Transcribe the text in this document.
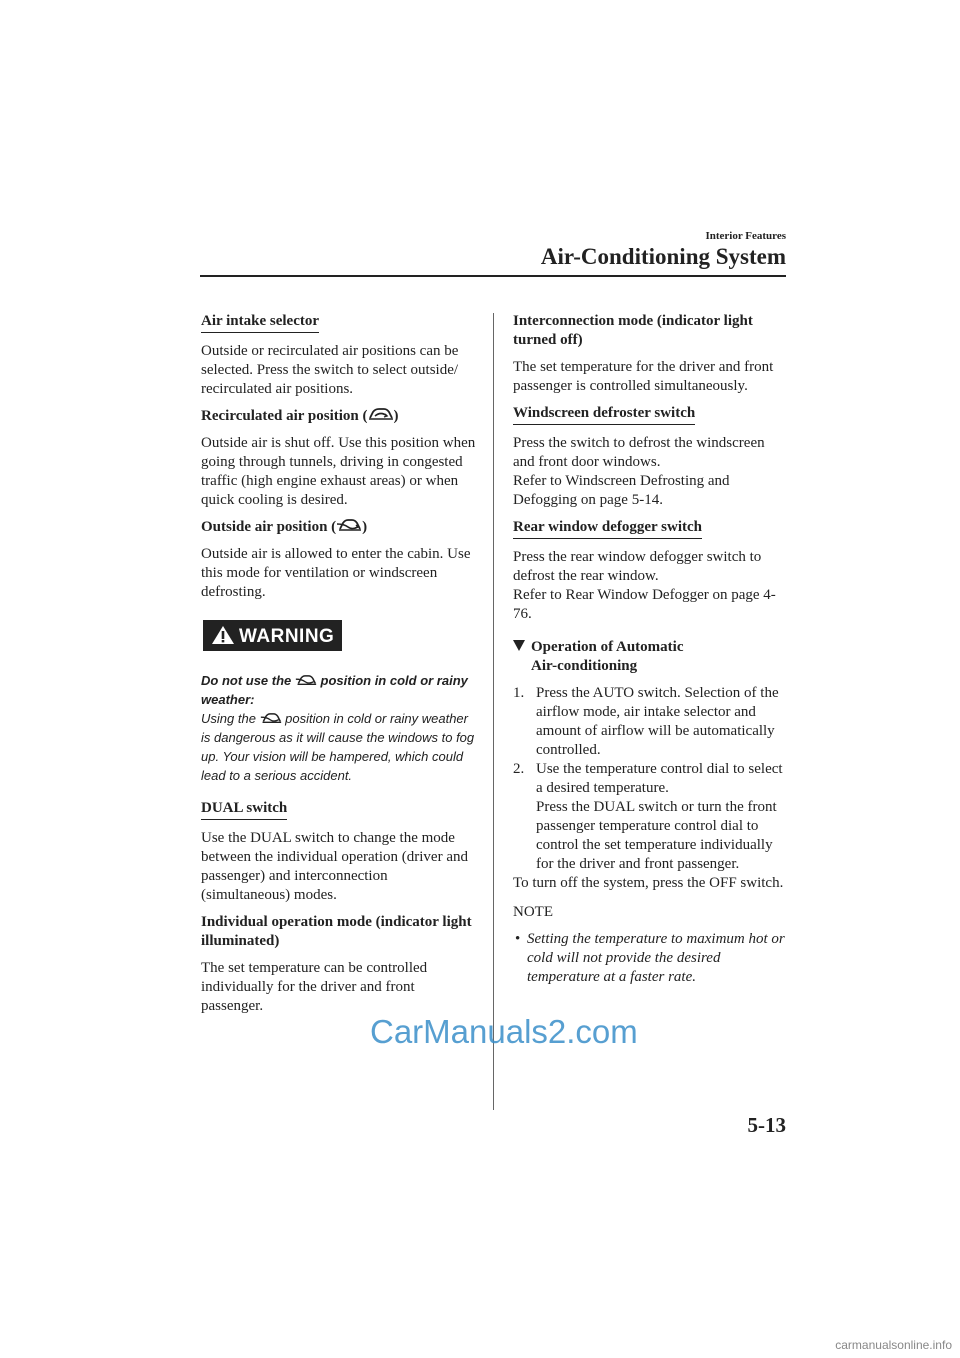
Interior Features
Air-Conditioning System
Air intake selector

Outside or recirculated air positions can be selected. Press the switch to select outside/ recirculated air positions.

Recirculated air position ( )

Outside air is shut off. Use this position when going through tunnels, driving in congested traffic (high engine exhaust areas) or when quick cooling is desired.

Outside air position ( )

Outside air is allowed to enter the cabin. Use this mode for ventilation or windscreen defrosting.

WARNING
Do not use the position in cold or rainy weather:
Using the position in cold or rainy weather is dangerous as it will cause the windows to fog up. Your vision will be hampered, which could lead to a serious accident.
DUAL switch

Use the DUAL switch to change the mode between the individual operation (driver and passenger) and interconnection (simultaneous) modes.

Individual operation mode (indicator light illuminated)

The set temperature can be controlled individually for the driver and front passenger.

Interconnection mode (indicator light turned off)

The set temperature for the driver and front passenger is controlled simultaneously.

Windscreen defroster switch

Press the switch to defrost the windscreen and front door windows.
Refer to Windscreen Defrosting and Defogging on page 5-14.

Rear window defogger switch

Press the rear window defogger switch to defrost the rear window.
Refer to Rear Window Defogger on page 4-76.

Operation of Automatic
Air-conditioning
1. Press the AUTO switch. Selection of the airflow mode, air intake selector and amount of airflow will be automatically controlled.
2. Use the temperature control dial to select a desired temperature.
Press the DUAL switch or turn the front passenger temperature control dial to control the set temperature individually for the driver and front passenger.

To turn off the system, press the OFF switch.

NOTE

• Setting the temperature to maximum hot or cold will not provide the desired temperature at a faster rate.
5-13
CarManuals2.com
carmanualsonline.info
